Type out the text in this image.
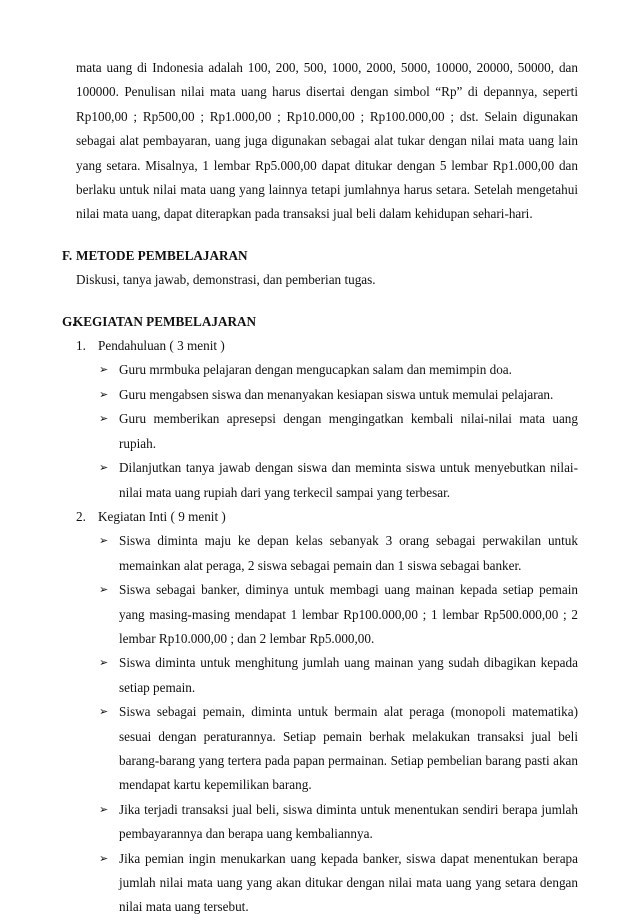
mata uang di Indonesia adalah 100, 200, 500, 1000, 2000, 5000, 10000, 20000, 50000, dan 100000. Penulisan nilai mata uang harus disertai dengan simbol “Rp” di depannya, seperti Rp100,00 ; Rp500,00 ; Rp1.000,00 ; Rp10.000,00 ; Rp100.000,00 ; dst. Selain digunakan sebagai alat pembayaran, uang juga digunakan sebagai alat tukar dengan nilai mata uang lain yang setara. Misalnya, 1 lembar Rp5.000,00 dapat ditukar dengan 5 lembar Rp1.000,00 dan berlaku untuk nilai mata uang yang lainnya tetapi jumlahnya harus setara. Setelah mengetahui nilai mata uang, dapat diterapkan pada transaksi jual beli dalam kehidupan sehari-hari.

F. METODE PEMBELAJARAN

Diskusi, tanya jawab, demonstrasi, dan pemberian tugas.

G.
KEGIATAN PEMBELAJARAN
1. Pendahuluan ( 3 menit )
➢ Guru mrmbuka pelajaran dengan mengucapkan salam dan memimpin doa.
➢ Guru mengabsen siswa dan menanyakan kesiapan siswa untuk memulai pelajaran.
➢ Guru memberikan apresepsi dengan mengingatkan kembali nilai-nilai mata uang rupiah.
➢ Dilanjutkan tanya jawab dengan siswa dan meminta siswa untuk menyebutkan nilai-nilai mata uang rupiah dari yang terkecil sampai yang terbesar.
2. Kegiatan Inti ( 9 menit )
➢ Siswa diminta maju ke depan kelas sebanyak 3 orang sebagai perwakilan untuk memainkan alat peraga, 2 siswa sebagai pemain dan 1 siswa sebagai banker.
➢ Siswa sebagai banker, diminya untuk membagi uang mainan kepada setiap pemain yang masing-masing mendapat 1 lembar Rp100.000,00 ; 1 lembar Rp500.000,00 ; 2 lembar Rp10.000,00 ; dan 2 lembar Rp5.000,00.
➢ Siswa diminta untuk menghitung jumlah uang mainan yang sudah dibagikan kepada setiap pemain.
➢ Siswa sebagai pemain, diminta untuk bermain alat peraga (monopoli matematika) sesuai dengan peraturannya. Setiap pemain berhak melakukan transaksi jual beli barang-barang yang tertera pada papan permainan. Setiap pembelian barang pasti akan mendapat kartu kepemilikan barang.
➢ Jika terjadi transaksi jual beli, siswa diminta untuk menentukan sendiri berapa jumlah pembayarannya dan berapa uang kembaliannya.
➢ Jika pemian ingin menukarkan uang kepada banker, siswa dapat menentukan berapa jumlah nilai mata uang yang akan ditukar dengan nilai mata uang yang setara dengan nilai mata uang tersebut.
